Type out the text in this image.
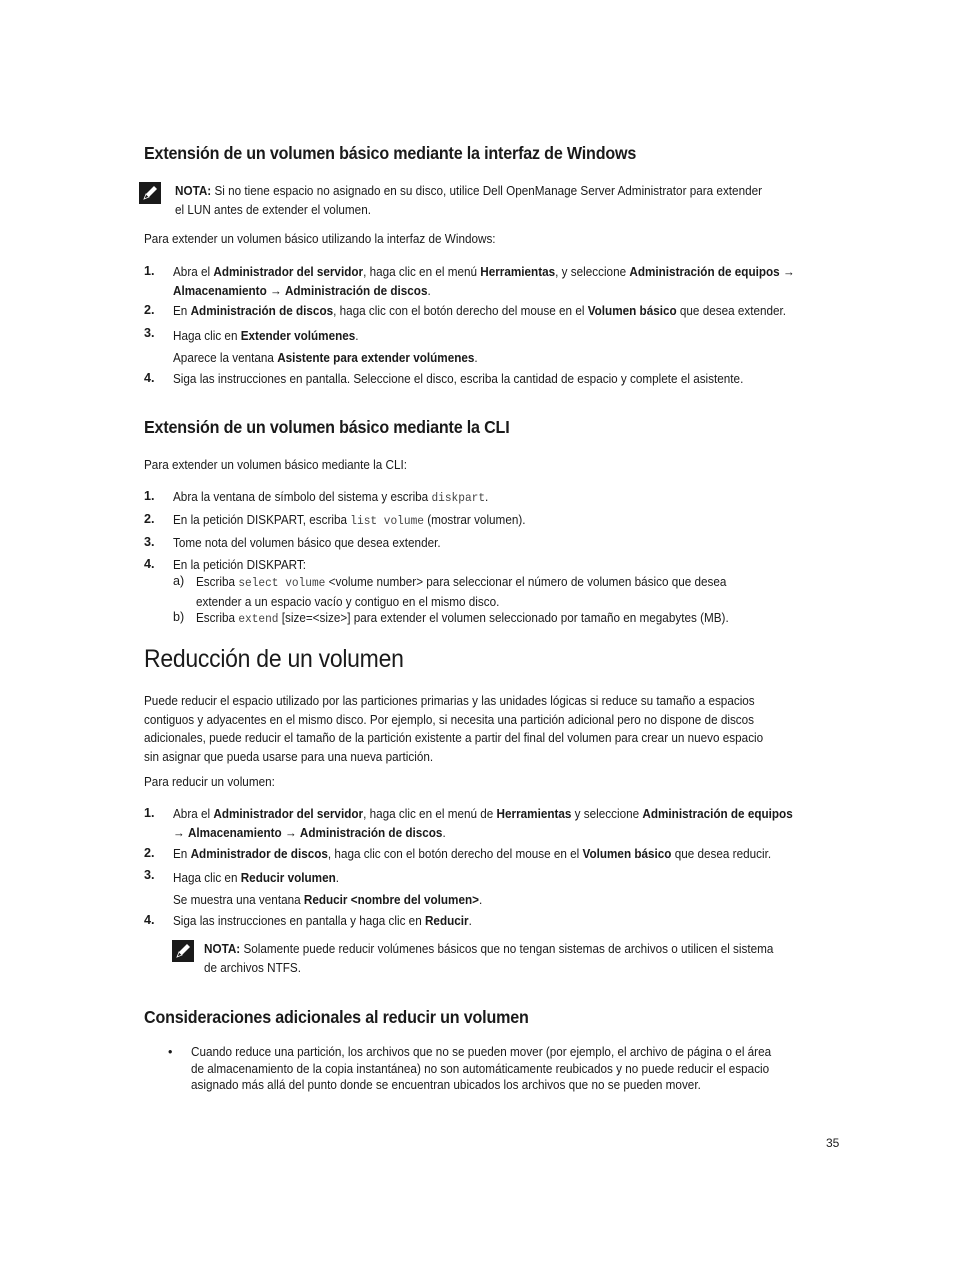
Extensión de un volumen básico mediante la interfaz de Windows
NOTA: Si no tiene espacio no asignado en su disco, utilice Dell OpenManage Server Administrator para extender
el LUN antes de extender el volumen.
Para extender un volumen básico utilizando la interfaz de Windows:
1. Abra el Administrador del servidor, haga clic en el menú Herramientas, y seleccione Administración de equipos →
Almacenamiento → Administración de discos.
2. En Administración de discos, haga clic con el botón derecho del mouse en el Volumen básico que desea extender.
3. Haga clic en Extender volúmenes.
Aparece la ventana Asistente para extender volúmenes.
4. Siga las instrucciones en pantalla. Seleccione el disco, escriba la cantidad de espacio y complete el asistente.
Extensión de un volumen básico mediante la CLI
Para extender un volumen básico mediante la CLI:
1. Abra la ventana de símbolo del sistema y escriba diskpart.
2. En la petición DISKPART, escriba list volume (mostrar volumen).
3. Tome nota del volumen básico que desea extender.
4. En la petición DISKPART:
a) Escriba select volume <volume number> para seleccionar el número de volumen básico que desea
extender a un espacio vacío y contiguo en el mismo disco.
b) Escriba extend [size=<size>] para extender el volumen seleccionado por tamaño en megabytes (MB).
Reducción de un volumen
Puede reducir el espacio utilizado por las particiones primarias y las unidades lógicas si reduce su tamaño a espacios
contiguos y adyacentes en el mismo disco. Por ejemplo, si necesita una partición adicional pero no dispone de discos
adicionales, puede reducir el tamaño de la partición existente a partir del final del volumen para crear un nuevo espacio
sin asignar que pueda usarse para una nueva partición.
Para reducir un volumen:
1. Abra el Administrador del servidor, haga clic en el menú de Herramientas y seleccione Administración de equipos
→ Almacenamiento → Administración de discos.
2. En Administrador de discos, haga clic con el botón derecho del mouse en el Volumen básico que desea reducir.
3. Haga clic en Reducir volumen.
Se muestra una ventana Reducir <nombre del volumen>.
4. Siga las instrucciones en pantalla y haga clic en Reducir.
NOTA: Solamente puede reducir volúmenes básicos que no tengan sistemas de archivos o utilicen el sistema
de archivos NTFS.
Consideraciones adicionales al reducir un volumen
• Cuando reduce una partición, los archivos que no se pueden mover (por ejemplo, el archivo de página o el área
de almacenamiento de la copia instantánea) no son automáticamente reubicados y no puede reducir el espacio
asignado más allá del punto donde se encuentran ubicados los archivos que no se pueden mover.
35
